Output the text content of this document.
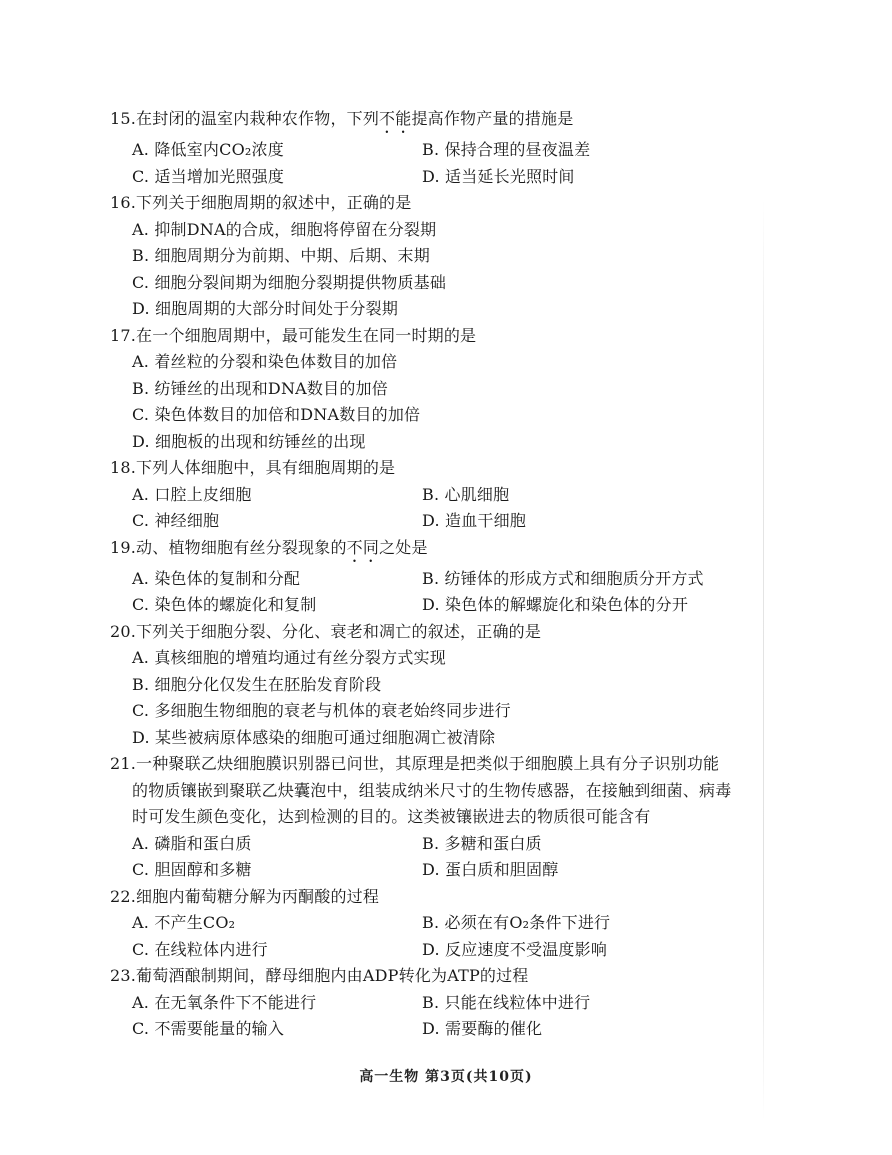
15.在封闭的温室内栽种农作物，下列不能提高作物产量的措施是
A. 降低室内CO₂浓度	B. 保持合理的昼夜温差
C. 适当增加光照强度	D. 适当延长光照时间
16.下列关于细胞周期的叙述中，正确的是
A. 抑制DNA的合成，细胞将停留在分裂期
B. 细胞周期分为前期、中期、后期、末期
C. 细胞分裂间期为细胞分裂期提供物质基础
D. 细胞周期的大部分时间处于分裂期
17.在一个细胞周期中，最可能发生在同一时期的是
A. 着丝粒的分裂和染色体数目的加倍
B. 纺锤丝的出现和DNA数目的加倍
C. 染色体数目的加倍和DNA数目的加倍
D. 细胞板的出现和纺锤丝的出现
18.下列人体细胞中，具有细胞周期的是
A. 口腔上皮细胞	B. 心肌细胞
C. 神经细胞	D. 造血干细胞
19.动、植物细胞有丝分裂现象的不同之处是
A. 染色体的复制和分配	B. 纺锤体的形成方式和细胞质分开方式
C. 染色体的螺旋化和复制	D. 染色体的解螺旋化和染色体的分开
20.下列关于细胞分裂、分化、衰老和凋亡的叙述，正确的是
A. 真核细胞的增殖均通过有丝分裂方式实现
B. 细胞分化仅发生在胚胎发育阶段
C. 多细胞生物细胞的衰老与机体的衰老始终同步进行
D. 某些被病原体感染的细胞可通过细胞凋亡被清除
21.一种聚联乙炔细胞膜识别器已问世，其原理是把类似于细胞膜上具有分子识别功能
的物质镶嵌到聚联乙炔囊泡中，组装成纳米尺寸的生物传感器，在接触到细菌、病毒
时可发生颜色变化，达到检测的目的。这类被镶嵌进去的物质很可能含有
A. 磷脂和蛋白质	B. 多糖和蛋白质
C. 胆固醇和多糖	D. 蛋白质和胆固醇
22.细胞内葡萄糖分解为丙酮酸的过程
A. 不产生CO₂	B. 必须在有O₂条件下进行
C. 在线粒体内进行	D. 反应速度不受温度影响
23.葡萄酒酿制期间，酵母细胞内由ADP转化为ATP的过程
A. 在无氧条件下不能进行	B. 只能在线粒体中进行
C. 不需要能量的输入	D. 需要酶的催化
高一生物 第3页(共10页)
